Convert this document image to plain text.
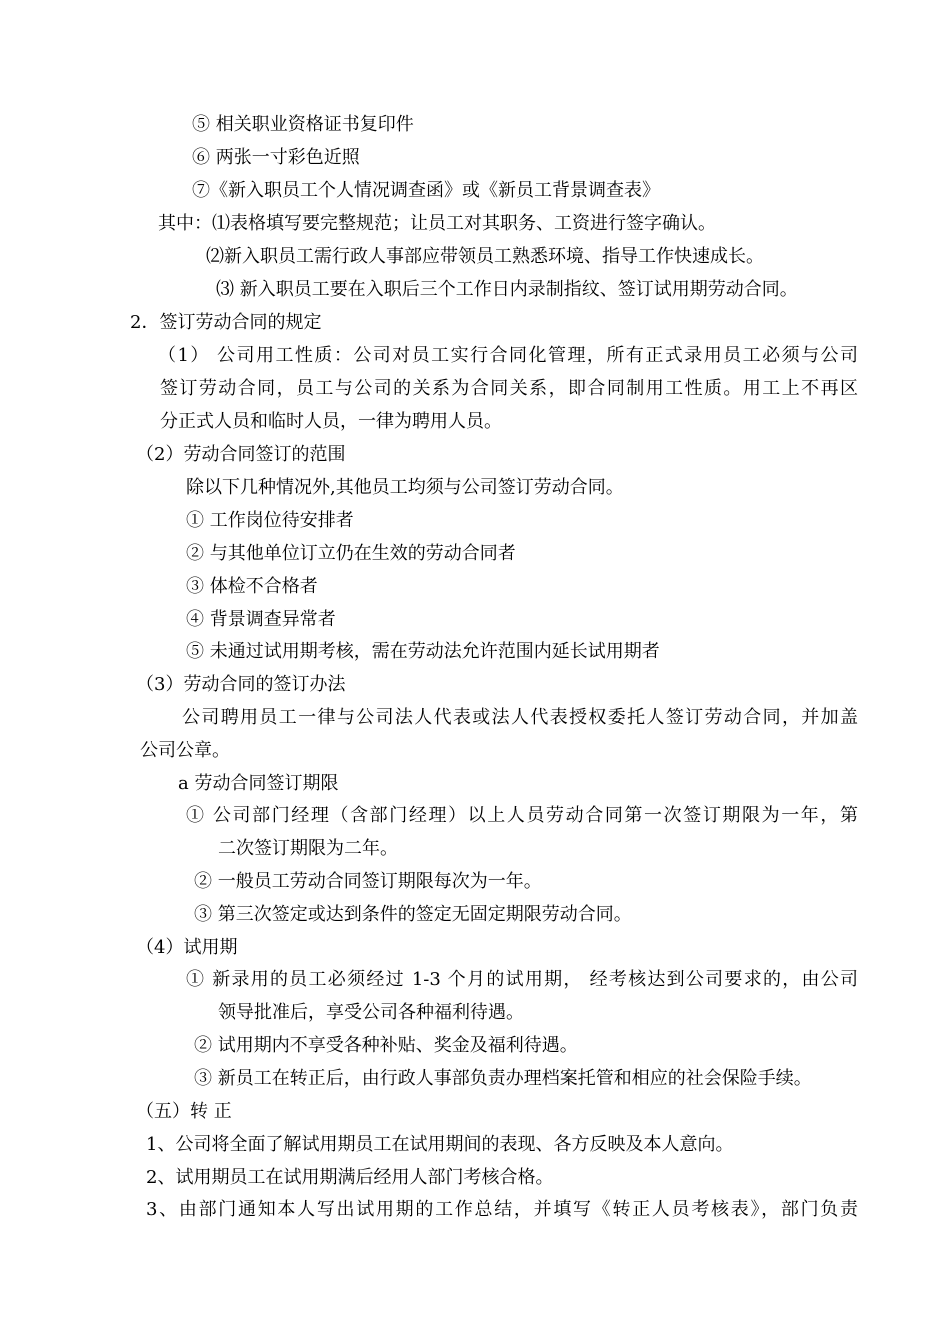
⑤ 相关职业资格证书复印件
⑥ 两张一寸彩色近照
⑦《新入职员工个人情况调查函》或《新员工背景调查表》
其中：⑴表格填写要完整规范；让员工对其职务、工资进行签字确认。
⑵新入职员工需行政人事部应带领员工熟悉环境、指导工作快速成长。
⑶ 新入职员工要在入职后三个工作日内录制指纹、签订试用期劳动合同。
2．签订劳动合同的规定
（1） 公司用工性质：公司对员工实行合同化管理，所有正式录用员工必须与公司
签订劳动合同，员工与公司的关系为合同关系，即合同制用工性质。用工上不再区
分正式人员和临时人员，一律为聘用人员。
（2）劳动合同签订的范围
除以下几种情况外,其他员工均须与公司签订劳动合同。
① 工作岗位待安排者
② 与其他单位订立仍在生效的劳动合同者
③ 体检不合格者
④ 背景调查异常者
⑤ 未通过试用期考核，需在劳动法允许范围内延长试用期者
（3）劳动合同的签订办法
公司聘用员工一律与公司法人代表或法人代表授权委托人签订劳动合同，并加盖
公司公章。
a 劳动合同签订期限
① 公司部门经理（含部门经理）以上人员劳动合同第一次签订期限为一年，第
二次签订期限为二年。
② 一般员工劳动合同签订期限每次为一年。
③ 第三次签定或达到条件的签定无固定期限劳动合同。
（4）试用期
① 新录用的员工必须经过 1-3 个月的试用期， 经考核达到公司要求的，由公司
领导批准后，享受公司各种福利待遇。
② 试用期内不享受各种补贴、奖金及福利待遇。
③ 新员工在转正后，由行政人事部负责办理档案托管和相应的社会保险手续。
（五）转 正
1、公司将全面了解试用期员工在试用期间的表现、各方反映及本人意向。
2、试用期员工在试用期满后经用人部门考核合格。
3、由部门通知本人写出试用期的工作总结，并填写《转正人员考核表》，部门负责
